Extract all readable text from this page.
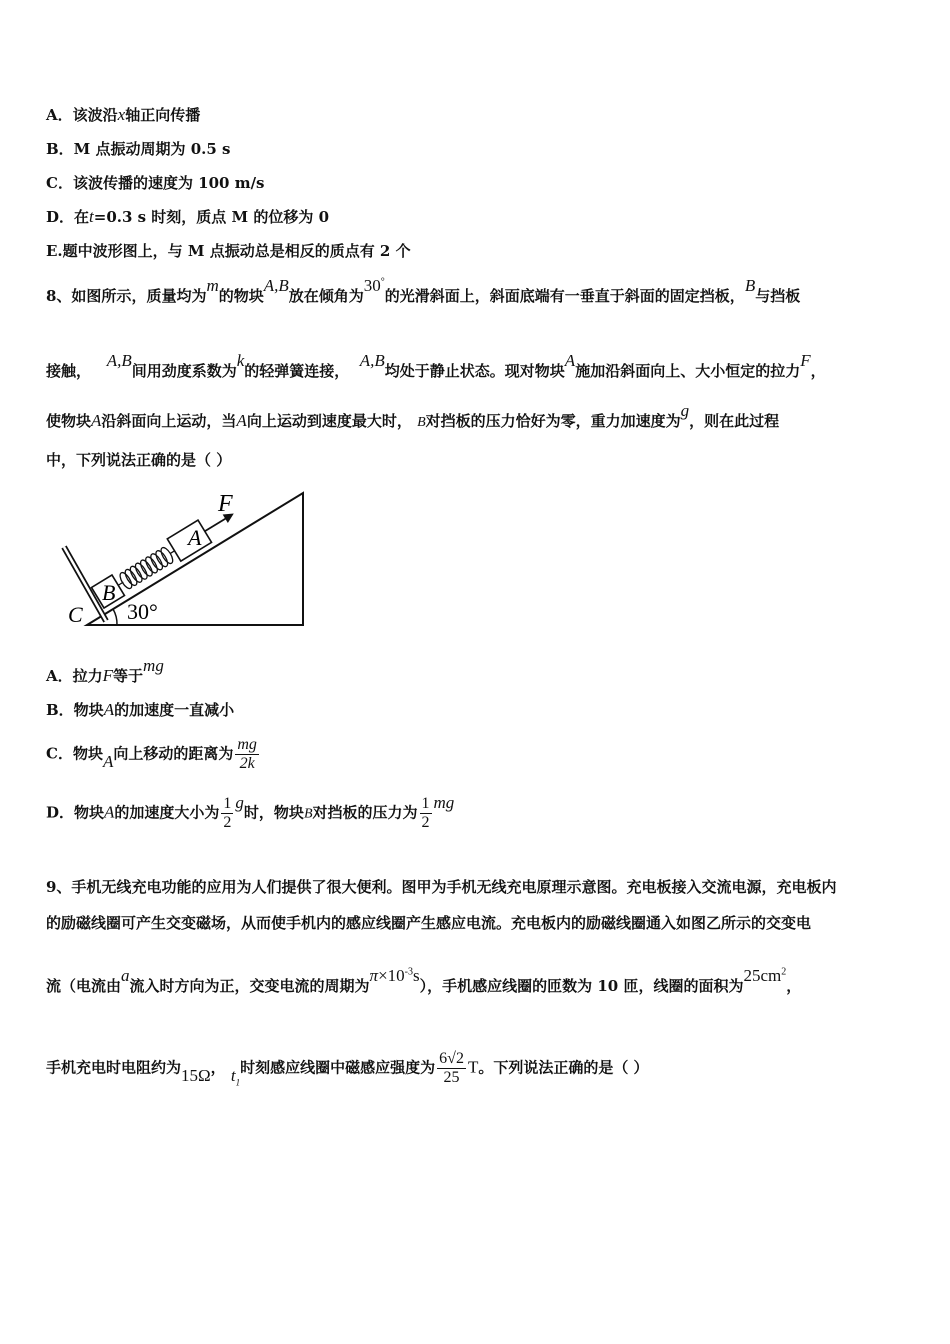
A．该波沿x轴正向传播
B．M 点振动周期为 0.5 s
C．该波传播的速度为 100 m/s
D．在t=0.3 s 时刻，质点 M 的位移为 0
E.题中波形图上，与 M 点振动总是相反的质点有 2 个
8、如图所示，质量均为m的物块A,B放在倾角为30°的光滑斜面上，斜面底端有一垂直于斜面的固定挡板，B与挡板
接触，   A,B间用劲度系数为k的轻弹簧连接，  A,B均处于静止状态。现对物块A施加沿斜面向上、大小恒定的拉力F，
使物块A沿斜面向上运动，当A向上运动到速度最大时， B对挡板的压力恰好为零，重力加速度为g，则在此过程
中，下列说法正确的是（ ）
A
B
F
C 30°
A．拉力F等于mg
B．物块A的加速度一直减小
C．物块A向上移动的距离为 $\frac{mg}{2k}$
D．物块A的加速度大小为 $\frac{1}{2}$ g时，物块B对挡板的压力为 $\frac{1}{2}$ mg
9、手机无线充电功能的应用为人们提供了很大便利。图甲为手机无线充电原理示意图。充电板接入交流电源，充电板内
的励磁线圈可产生交变磁场，从而使手机内的感应线圈产生感应电流。充电板内的励磁线圈通入如图乙所示的交变电
流（电流由a流入时方向为正，交变电流的周期为$\pi\times 10^{-3}s$），手机感应线圈的匝数为 10 匝，线圈的面积为$25cm^2$，
手机充电时电阻约为15Ω， $t_1$时刻感应线圈中磁感应强度为 $\frac{6√2}{25}$ T。下列说法正确的是（ ）
